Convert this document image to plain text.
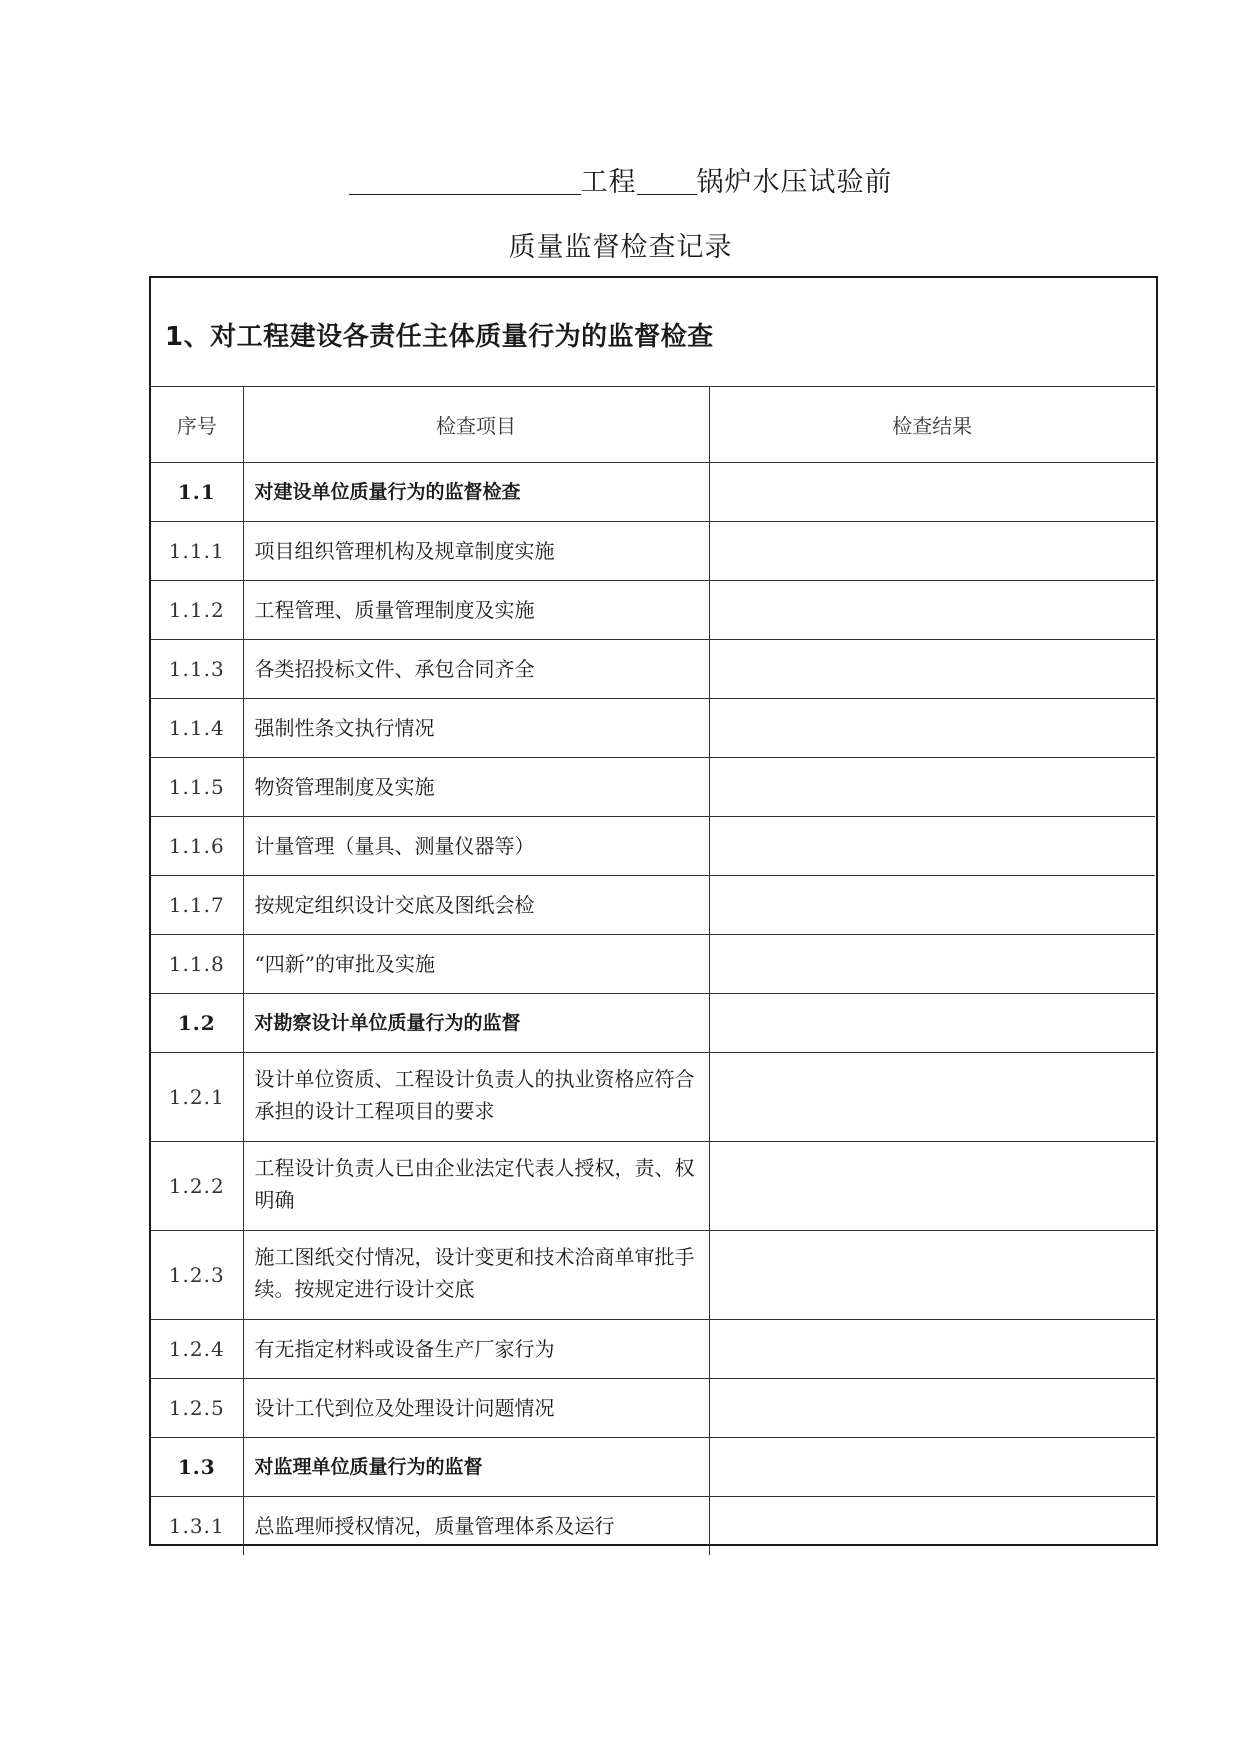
工程 锅炉水压试验前
质量监督检查记录
1、对工程建设各责任主体质量行为的监督检查
序号	检查项目	检查结果
1.1	对建设单位质量行为的监督检查	
1.1.1	项目组织管理机构及规章制度实施	
1.1.2	工程管理、质量管理制度及实施	
1.1.3	各类招投标文件、承包合同齐全	
1.1.4	强制性条文执行情况	
1.1.5	物资管理制度及实施	
1.1.6	计量管理（量具、测量仪器等）	
1.1.7	按规定组织设计交底及图纸会检	
1.1.8	“四新”的审批及实施	
1.2	对勘察设计单位质量行为的监督	
1.2.1	设计单位资质、工程设计负责人的执业资格应符合承担的设计工程项目的要求	
1.2.2	工程设计负责人已由企业法定代表人授权，责、权明确	
1.2.3	施工图纸交付情况，设计变更和技术洽商单审批手续。按规定进行设计交底	
1.2.4	有无指定材料或设备生产厂家行为	
1.2.5	设计工代到位及处理设计问题情况	
1.3	对监理单位质量行为的监督	
1.3.1	总监理师授权情况，质量管理体系及运行	
